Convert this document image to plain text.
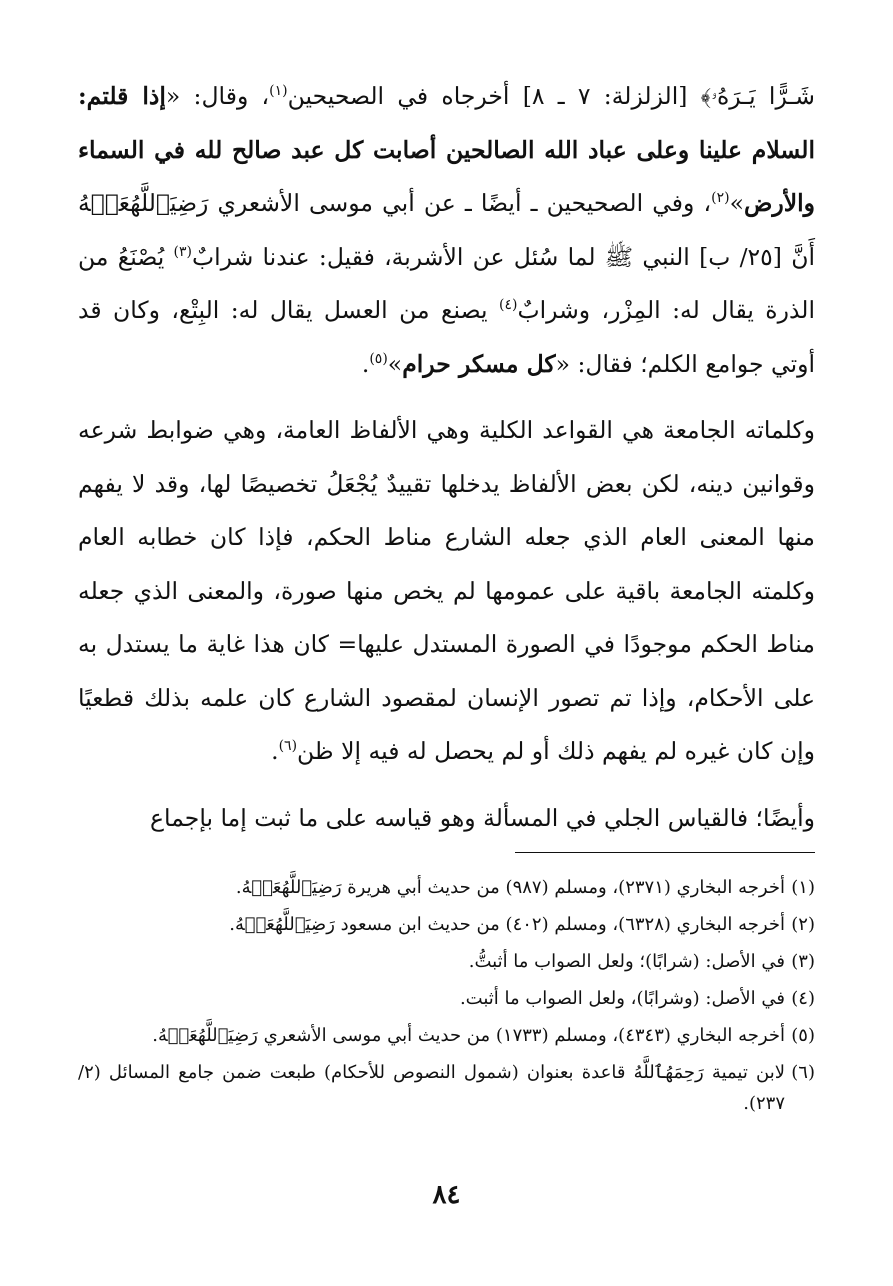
شَـرًّا يَـرَهُۥ﴾ [الزلزلة: ٧ ـ ٨] أخرجاه في الصحيحين$^{(١)}$، وقال: «إذا قلتم: السلام علينا وعلى عباد الله الصالحين أصابت كل عبد صالح لله في السماء والأرض»$^{(٢)}$، وفي الصحيحين ـ أيضًا ـ عن أبي موسى الأشعري رَضِيَٱللَّهُعَنۡهُ أَنَّ [٢٥/ ب] النبي ﷺ لما سُئل عن الأشربة، فقيل: عندنا شرابٌ$^{(٣)}$ يُصْنَعُ من الذرة يقال له: المِزْر، وشرابٌ$^{(٤)}$ يصنع من العسل يقال له: البِتْع، وكان قد أوتي جوامع الكلم؛ فقال: «كل مسكر حرام»$^{(٥)}$.

وكلماته الجامعة هي القواعد الكلية وهي الألفاظ العامة، وهي ضوابط شرعه وقوانين دينه، لكن بعض الألفاظ يدخلها تقييدٌ يُجْعَلُ تخصيصًا لها، وقد لا يفهم منها المعنى العام الذي جعله الشارع مناط الحكم، فإذا كان خطابه العام وكلمته الجامعة باقية على عمومها لم يخص منها صورة، والمعنى الذي جعله مناط الحكم موجودًا في الصورة المستدل عليها= كان هذا غاية ما يستدل به على الأحكام، وإذا تم تصور الإنسان لمقصود الشارع كان علمه بذلك قطعيًا وإن كان غيره لم يفهم ذلك أو لم يحصل له فيه إلا ظن$^{(٦)}$.

وأيضًا؛ فالقياس الجلي في المسألة وهو قياسه على ما ثبت إما بإجماع

(١)
أخرجه البخاري (٢٣٧١)، ومسلم (٩٨٧) من حديث أبي هريرة رَضِيَٱللَّهُعَنۡهُ.
(٢)
أخرجه البخاري (٦٣٢٨)، ومسلم (٤٠٢) من حديث ابن مسعود رَضِيَٱللَّهُعَنۡهُ.
(٣)
في الأصل: (شرابًا)؛ ولعل الصواب ما أثبتُّ.
(٤)
في الأصل: (وشرابًا)، ولعل الصواب ما أثبت.
(٥)
أخرجه البخاري (٤٣٤٣)، ومسلم (١٧٣٣) من حديث أبي موسى الأشعري رَضِيَٱللَّهُعَنۡهُ.
(٦)
لابن تيمية رَحِمَهُٱللَّهُ قاعدة بعنوان (شمول النصوص للأحكام) طبعت ضمن جامع المسائل (٢/ ٢٣٧).
٨٤
